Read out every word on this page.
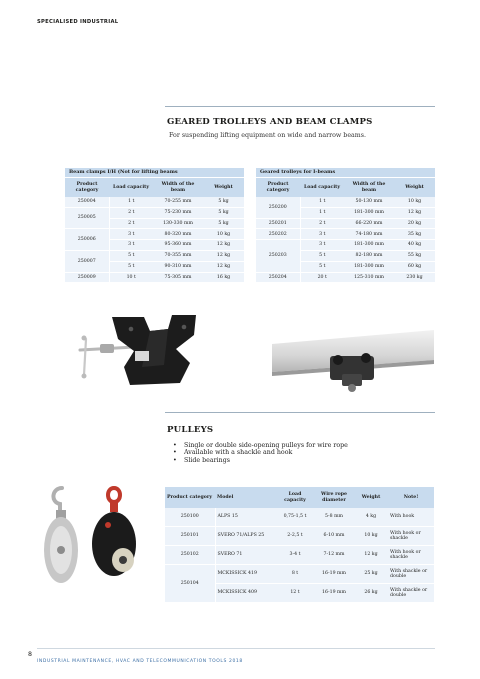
SPECIALISED INDUSTRIAL
GEARED TROLLEYS AND BEAM CLAMPS
For suspending lifting equipment on wide and narrow beams.
Beam clamps I/H (Not for lifting beams			
Product category	Load capacity	Width of the beam	Weight
250004	1 t	70-255 mm	5 kg
250005	2 t	75-230 mm	5 kg
	2 t	130-330 mm	5 kg
250006	3 t	80-320 mm	10 kg
	3 t	95-360 mm	12 kg
250007	5 t	70-355 mm	12 kg
	5 t	90-310 mm	12 kg
250009	10 t	75-305 mm	16 kg
Geared trolleys for I-beams			
Product category	Load capacity	Width of the beam	Weight
250200	1 t	50-130 mm	10 kg
	1 t	181-300 mm	12 kg
250201	2 t	66-220 mm	20 kg
250202	3 t	74-180 mm	35 kg
250203	3 t	181-300 mm	40 kg
	5 t	82-180 mm	55 kg
	5 t	181-300 mm	60 kg
250204	20 t	125-310 mm	230 kg
PULLEYS
• Single or double side-opening pulleys for wire rope
• Available with a shackle and hook
• Slide bearings
Product category	Model	Load capacity	Wire rope diameter	Weight	Note!
250100	ALPS 15	0,75-1,5 t	5-8 mm	4 kg	With hook
250101	SVERO 71/ALPS 25	2-2,5 t	6-10 mm	10 kg	With hook or shackle
250102	SVERO 71	3-4 t	7-12 mm	12 kg	With hook or shackle
250104	MCKISSICK 419	8 t	16-19 mm	25 kg	With shackle or double
	MCKISSICK 409	12 t	16-19 mm	26 kg	With shackle or double
8
INDUSTRIAL MAINTENANCE, HVAC AND TELECOMMUNICATION TOOLS 2018
